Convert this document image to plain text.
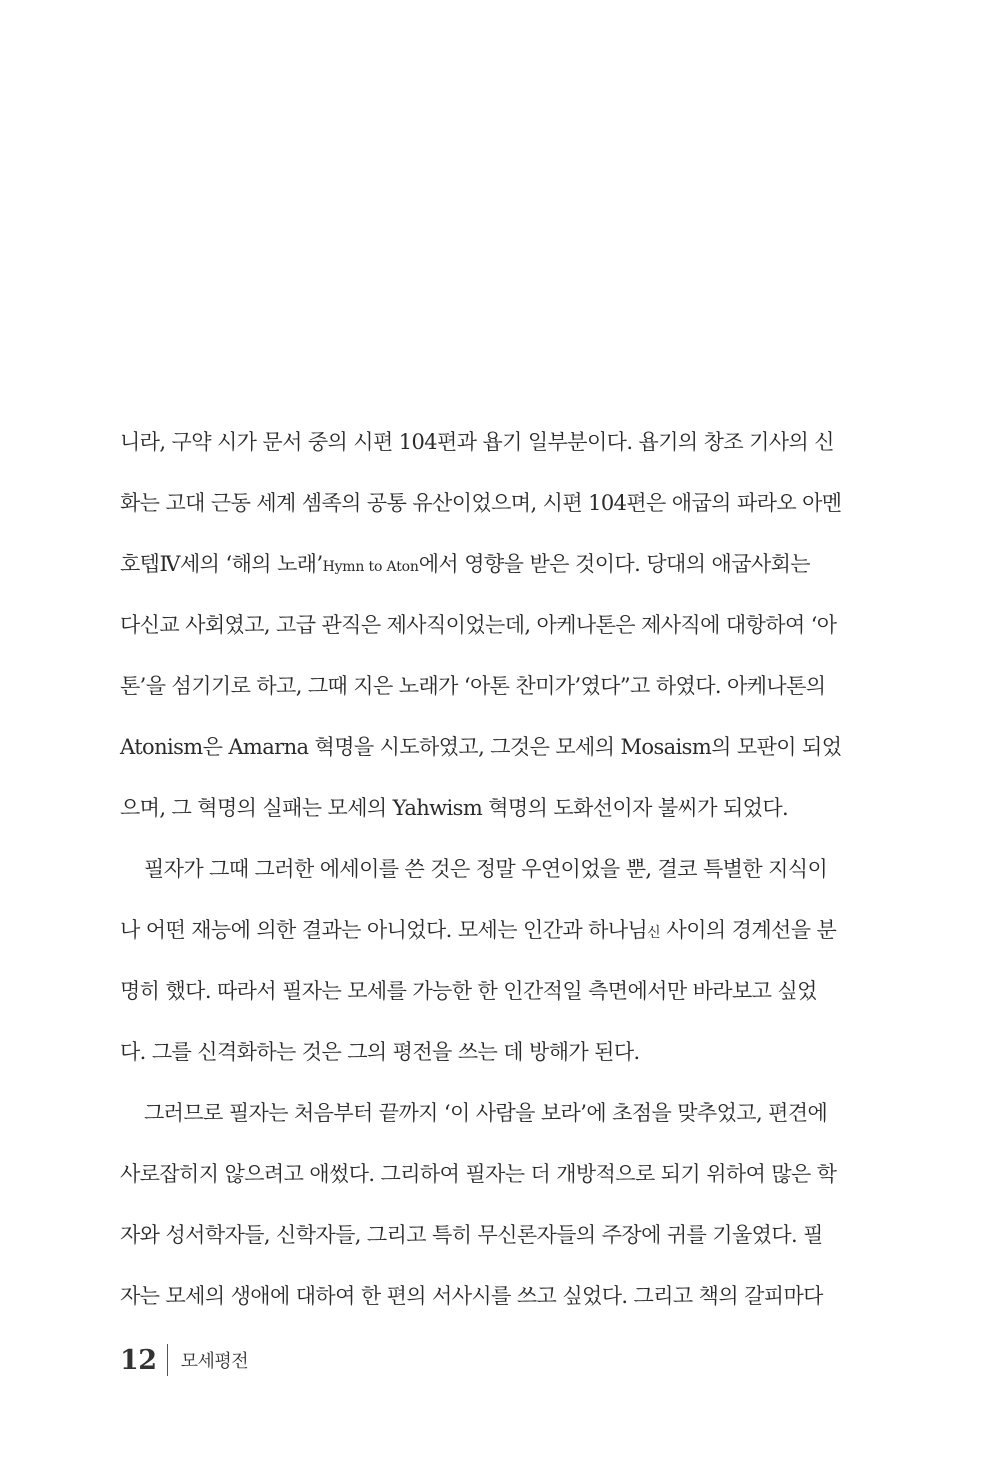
니라, 구약 시가 문서 중의 시편 104편과 욥기 일부분이다. 욥기의 창조 기사의 신
화는 고대 근동 세계 셈족의 공통 유산이었으며, 시편 104편은 애굽의 파라오 아멘
호텝Ⅳ세의 ‘해의 노래’Hymn to Aton에서 영향을 받은 것이다. 당대의 애굽사회는
다신교 사회였고, 고급 관직은 제사직이었는데, 아케나톤은 제사직에 대항하여 ‘아
톤’을 섬기기로 하고, 그때 지은 노래가 ‘아톤 찬미가’였다”고 하였다. 아케나톤의
Atonism은 Amarna 혁명을 시도하였고, 그것은 모세의 Mosaism의 모판이 되었
으며, 그 혁명의 실패는 모세의 Yahwism 혁명의 도화선이자 불씨가 되었다.
필자가 그때 그러한 에세이를 쓴 것은 정말 우연이었을 뿐, 결코 특별한 지식이
나 어떤 재능에 의한 결과는 아니었다. 모세는 인간과 하나님신 사이의 경계선을 분
명히 했다. 따라서 필자는 모세를 가능한 한 인간적일 측면에서만 바라보고 싶었
다. 그를 신격화하는 것은 그의 평전을 쓰는 데 방해가 된다.
그러므로 필자는 처음부터 끝까지 ‘이 사람을 보라’에 초점을 맞추었고, 편견에
사로잡히지 않으려고 애썼다. 그리하여 필자는 더 개방적으로 되기 위하여 많은 학
자와 성서학자들, 신학자들, 그리고 특히 무신론자들의 주장에 귀를 기울였다. 필
자는 모세의 생애에 대하여 한 편의 서사시를 쓰고 싶었다. 그리고 책의 갈피마다
12 모세평전
